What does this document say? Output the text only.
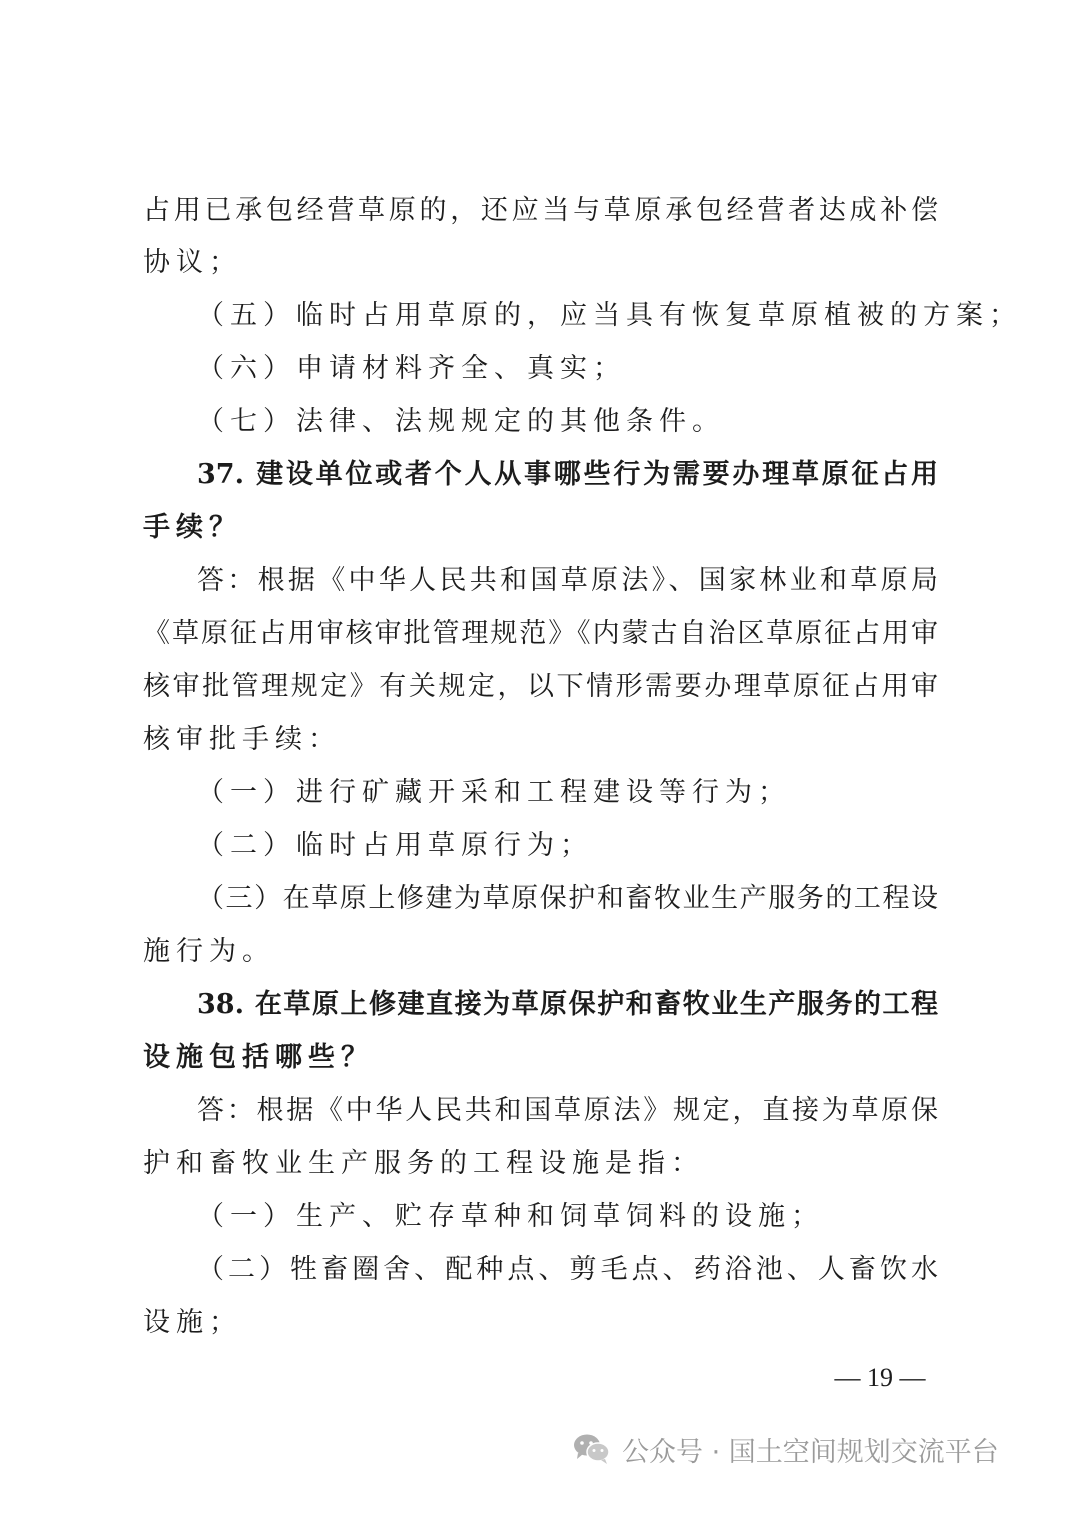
占用已承包经营草原的，还应当与草原承包经营者达成补偿
协议；
（五）临时占用草原的，应当具有恢复草原植被的方案；
（六）申请材料齐全、真实；
（七）法律、法规规定的其他条件。
37. 建设单位或者个人从事哪些行为需要办理草原征占用
手续？
答：根据《中华人民共和国草原法》、国家林业和草原局
《草原征占用审核审批管理规范》《内蒙古自治区草原征占用审
核审批管理规定》有关规定，以下情形需要办理草原征占用审
核审批手续：
（一）进行矿藏开采和工程建设等行为；
（二）临时占用草原行为；
（三）在草原上修建为草原保护和畜牧业生产服务的工程设
施行为。
38. 在草原上修建直接为草原保护和畜牧业生产服务的工程
设施包括哪些？
答：根据《中华人民共和国草原法》规定，直接为草原保
护和畜牧业生产服务的工程设施是指：
（一）生产、贮存草种和饲草饲料的设施；
（二）牲畜圈舍、配种点、剪毛点、药浴池、人畜饮水
设施；
— 19 —
公众号 · 国土空间规划交流平台
